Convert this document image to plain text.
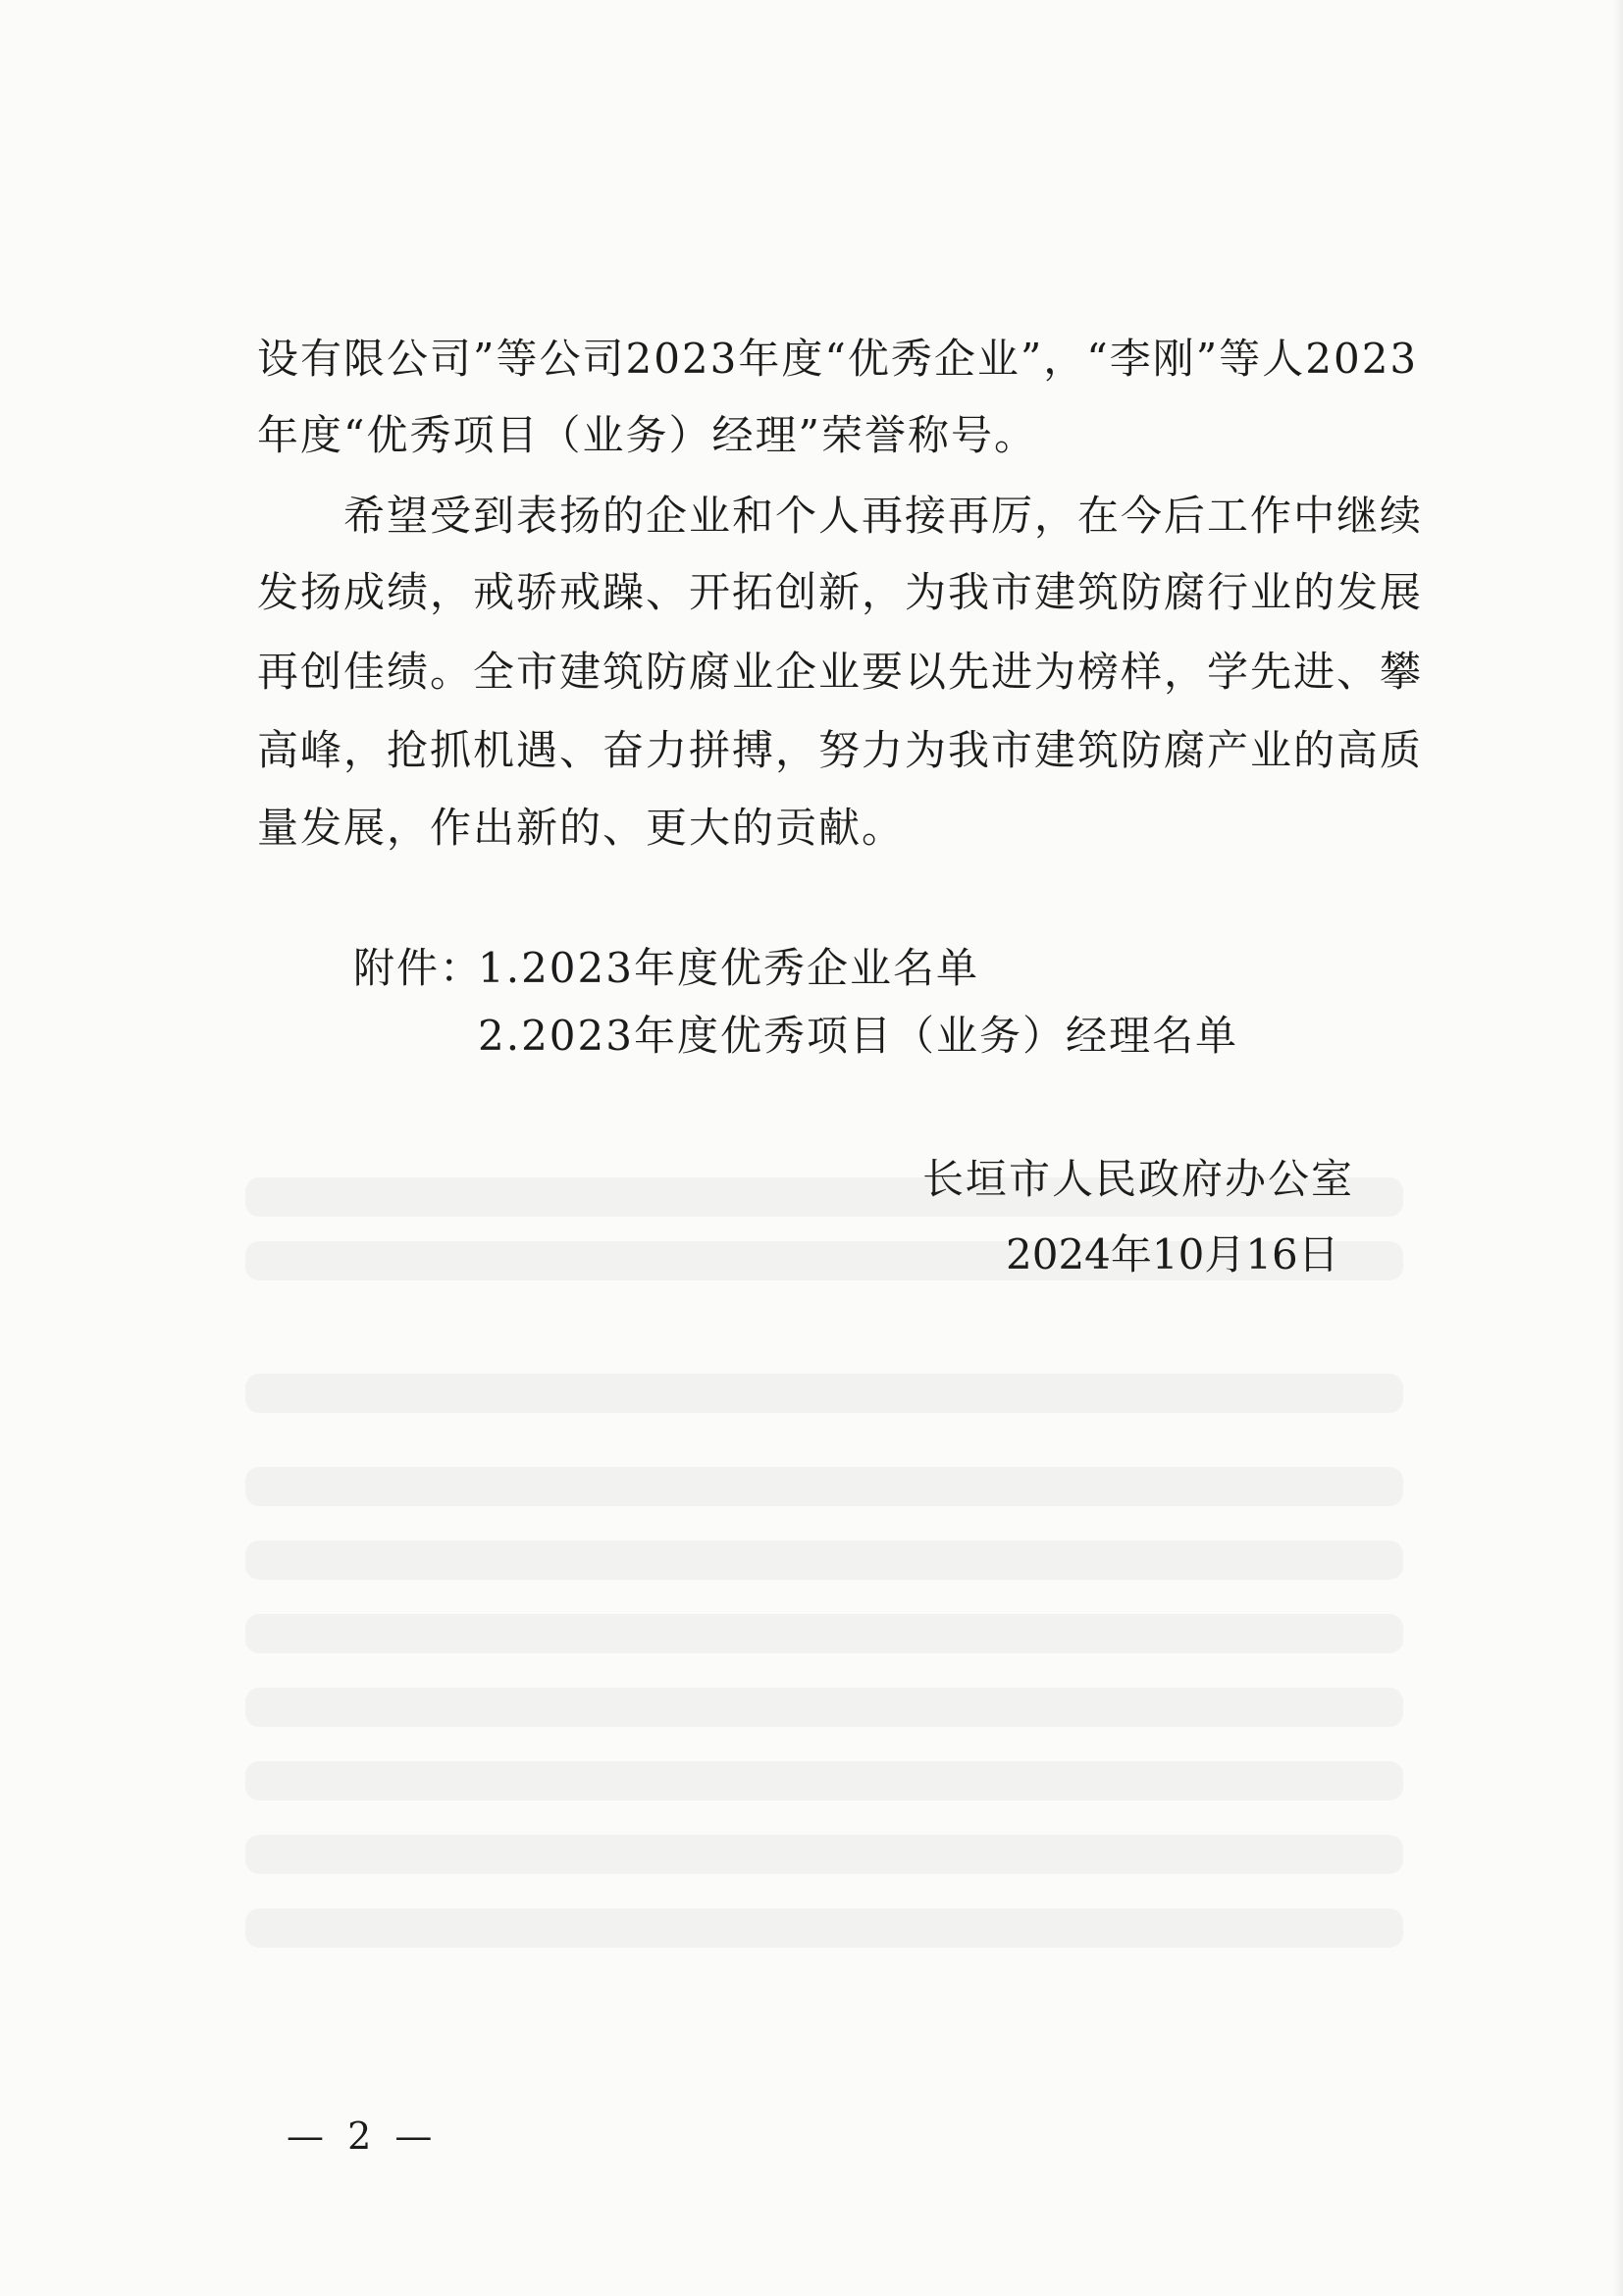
设有限公司”等公司2023年度“优秀企业”，“李刚”等人2023
年度“优秀项目（业务）经理”荣誉称号。
希望受到表扬的企业和个人再接再厉，在今后工作中继续
发扬成绩，戒骄戒躁、开拓创新，为我市建筑防腐行业的发展
再创佳绩。全市建筑防腐业企业要以先进为榜样，学先进、攀
高峰，抢抓机遇、奋力拼搏，努力为我市建筑防腐产业的高质
量发展，作出新的、更大的贡献。
附件：
1.2023年度优秀企业名单
2.2023年度优秀项目（业务）经理名单
长垣市人民政府办公室
2024年10月16日
— 2 —
